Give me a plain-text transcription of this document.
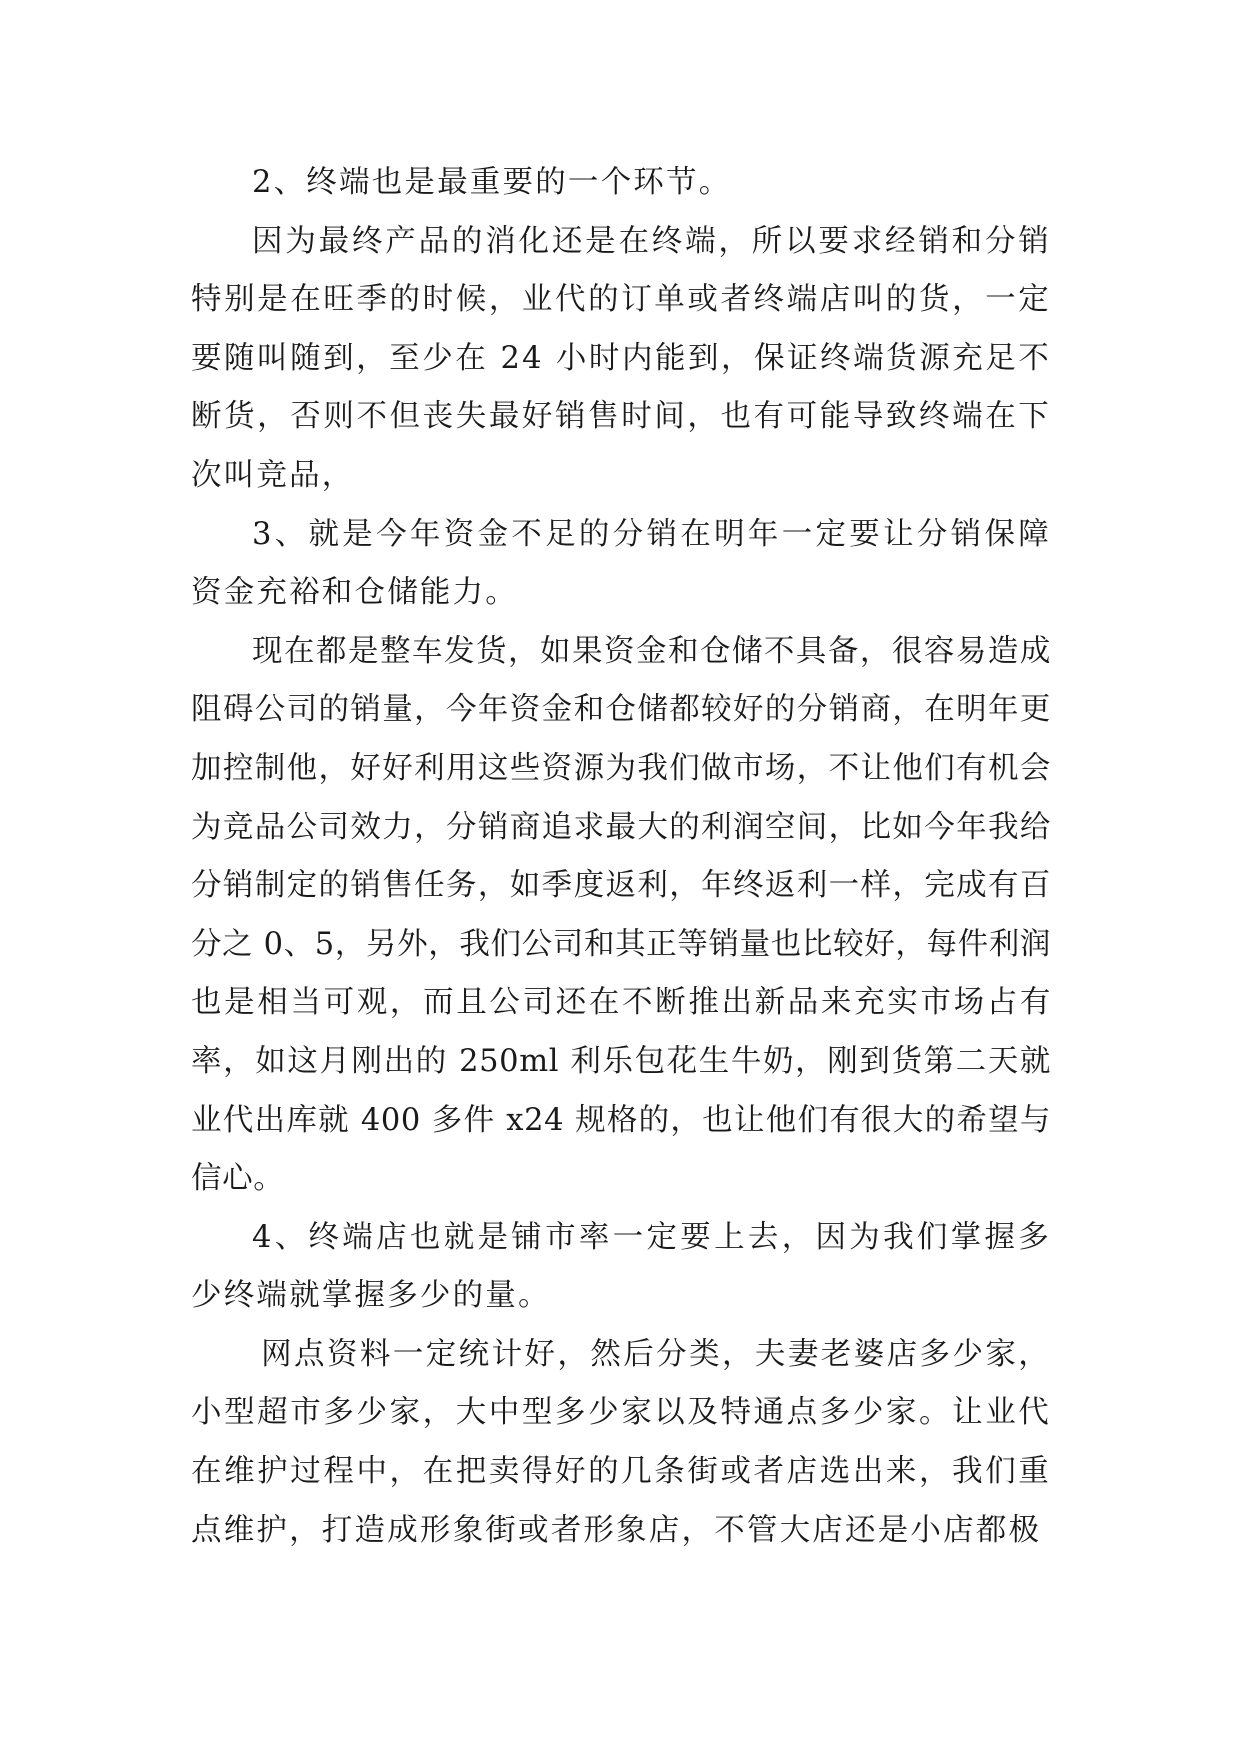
2、终端也是最重要的一个环节。

因为最终产品的消化还是在终端，所以要求经销和分销特别是在旺季的时候，业代的订单或者终端店叫的货，一定要随叫随到，至少在 24 小时内能到，保证终端货源充足不断货，否则不但丧失最好销售时间，也有可能导致终端在下次叫竞品，

3、就是今年资金不足的分销在明年一定要让分销保障资金充裕和仓储能力。

现在都是整车发货，如果资金和仓储不具备，很容易造成阻碍公司的销量，今年资金和仓储都较好的分销商，在明年更加控制他，好好利用这些资源为我们做市场，不让他们有机会为竞品公司效力，分销商追求最大的利润空间，比如今年我给分销制定的销售任务，如季度返利，年终返利一样，完成有百分之 0、5，另外，我们公司和其正等销量也比较好，每件利润也是相当可观，而且公司还在不断推出新品来充实市场占有率，如这月刚出的 250ml 利乐包花生牛奶，刚到货第二天就业代出库就 400 多件 x24 规格的，也让他们有很大的希望与信心。

4、终端店也就是铺市率一定要上去，因为我们掌握多少终端就掌握多少的量。

网点资料一定统计好，然后分类，夫妻老婆店多少家，小型超市多少家，大中型多少家以及特通点多少家。让业代在维护过程中，在把卖得好的几条街或者店选出来，我们重点维护，打造成形象街或者形象店，不管大店还是小店都极
